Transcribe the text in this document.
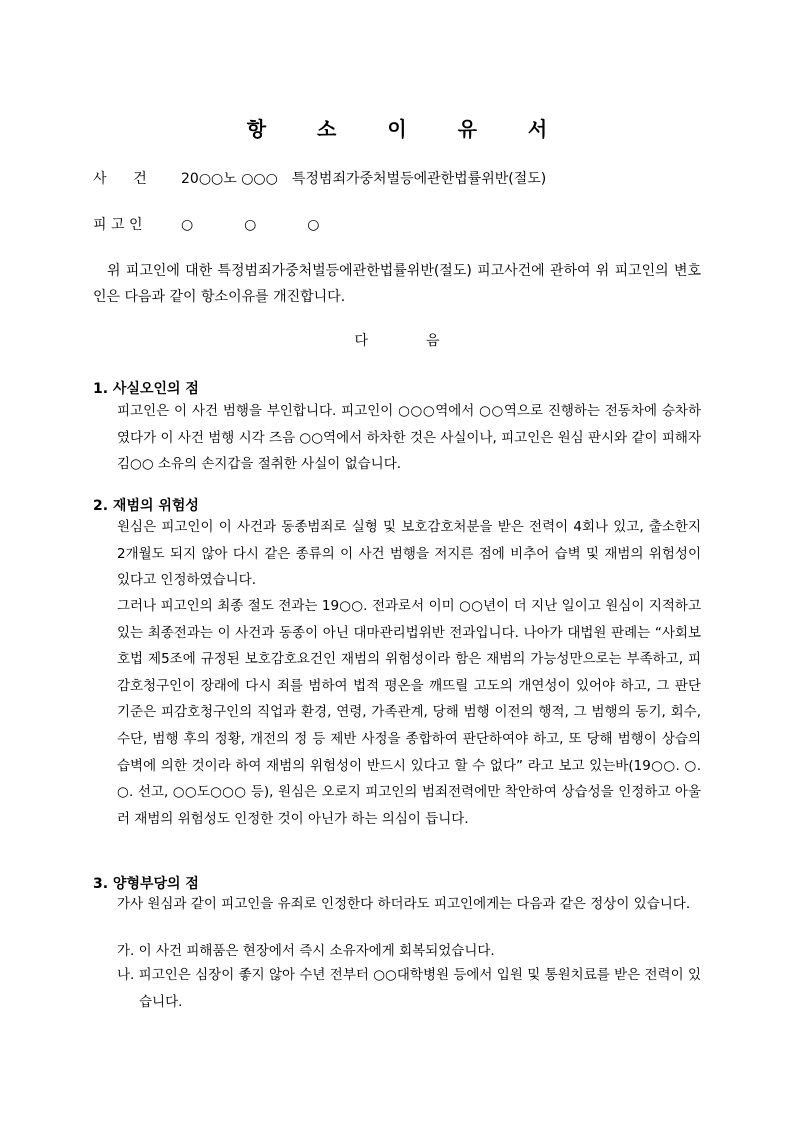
항 소 이 유 서
사      건 20○○노 ○○○ 특정범죄가중처벌등에관한법률위반(절도)
피 고 인	○  ○  ○
위 피고인에 대한 특정범죄가중처벌등에관한법률위반(절도) 피고사건에 관하여 위 피고인의 변호인은 다음과 같이 항소이유를 개진합니다.
다	음
1. 사실오인의 점
피고인은 이 사건 범행을 부인합니다. 피고인이 ○○○역에서 ○○역으로 진행하는 전동차에 승차하였다가 이 사건 범행 시각 즈음 ○○역에서 하차한 것은 사실이나, 피고인은 원심 판시와 같이 피해자 김○○ 소유의 손지갑을 절취한 사실이 없습니다.
2. 재범의 위험성
원심은 피고인이 이 사건과 동종범죄로 실형 및 보호감호처분을 받은 전력이 4회나 있고, 출소한지 2개월도 되지 않아 다시 같은 종류의 이 사건 범행을 저지른 점에 비추어 습벽 및 재범의 위험성이 있다고 인정하였습니다.
그러나 피고인의 최종 절도 전과는 19○○. 전과로서 이미 ○○년이 더 지난 일이고 원심이 지적하고 있는 최종전과는 이 사건과 동종이 아닌 대마관리법위반 전과입니다. 나아가 대법원 판례는 “사회보호법 제5조에 규정된 보호감호요건인 재범의 위험성이라 함은 재범의 가능성만으로는 부족하고, 피감호청구인이 장래에 다시 죄를 범하여 법적 평온을 깨뜨릴 고도의 개연성이 있어야 하고, 그 판단 기준은 피감호청구인의 직업과 환경, 연령, 가족관계, 당해 범행 이전의 행적, 그 범행의 동기, 회수, 수단, 범행 후의 정황, 개전의 정 등 제반 사정을 종합하여 판단하여야 하고, 또 당해 범행이 상습의 습벽에 의한 것이라 하여 재범의 위험성이 반드시 있다고 할 수 없다” 라고 보고 있는바(19○○. ○. ○. 선고, ○○도○○○ 등), 원심은 오로지 피고인의 범죄전력에만 착안하여 상습성을 인정하고 아울러 재범의 위험성도 인정한 것이 아닌가 하는 의심이 듭니다.
3. 양형부당의 점
가사 원심과 같이 피고인을 유죄로 인정한다 하더라도 피고인에게는 다음과 같은 정상이 있습니다.
가. 이 사건 피해품은 현장에서 즉시 소유자에게 회복되었습니다.
나. 피고인은 심장이 좋지 않아 수년 전부터 ○○대학병원 등에서 입원 및 통원치료를 받은 전력이 있습니다.
